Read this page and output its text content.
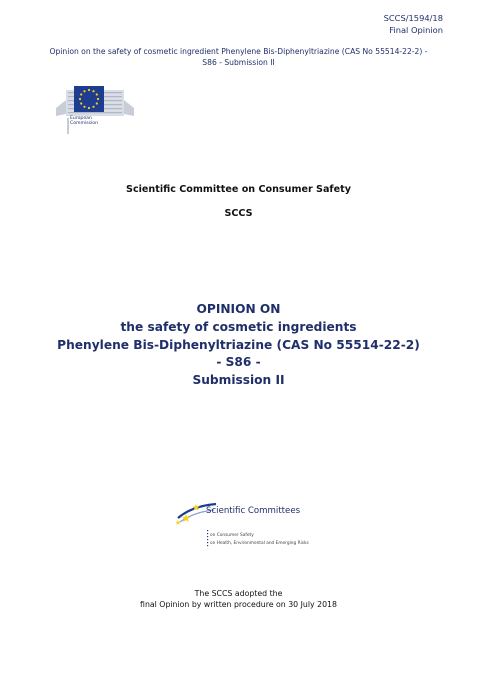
SCCS/1594/18
Final Opinion
Opinion on the safety of cosmetic ingredient Phenylene Bis-Diphenyltriazine (CAS No 55514-22-2) -
S86 - Submission II
European
Commission
Scientific Committee on Consumer Safety
SCCS
OPINION ON
the safety of cosmetic ingredients
Phenylene Bis-Diphenyltriazine (CAS No 55514-22-2)
- S86 -
Submission II
Scientific Committees
on Consumer Safety
on Health, Environmental and Emerging Risks
The SCCS adopted the
final Opinion by written procedure on 30 July 2018
